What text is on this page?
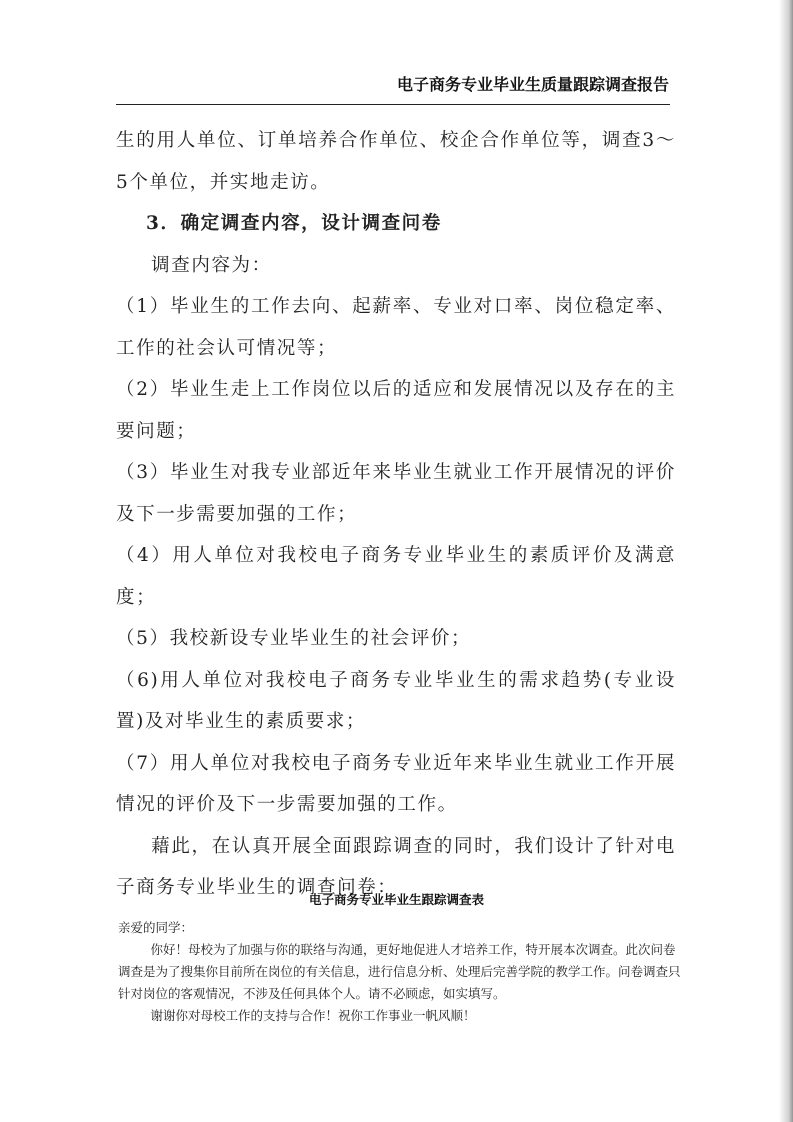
电子商务专业毕业生质量跟踪调查报告

生的用人单位、订单培养合作单位、校企合作单位等，调查3～5个单位，并实地走访。

3．确定调查内容，设计调查问卷

调查内容为：

（1）毕业生的工作去向、起薪率、专业对口率、岗位稳定率、工作的社会认可情况等；

（2）毕业生走上工作岗位以后的适应和发展情况以及存在的主要问题；

（3）毕业生对我专业部近年来毕业生就业工作开展情况的评价及下一步需要加强的工作；

（4）用人单位对我校电子商务专业毕业生的素质评价及满意度；

（5）我校新设专业毕业生的社会评价；

（6)用人单位对我校电子商务专业毕业生的需求趋势(专业设置)及对毕业生的素质要求；

（7）用人单位对我校电子商务专业近年来毕业生就业工作开展情况的评价及下一步需要加强的工作。

藉此，在认真开展全面跟踪调查的同时，我们设计了针对电子商务专业毕业生的调查问卷：

电子商务专业毕业生跟踪调查表

亲爱的同学：

你好！母校为了加强与你的联络与沟通，更好地促进人才培养工作，特开展本次调查。此次问卷调查是为了搜集你目前所在岗位的有关信息，进行信息分析、处理后完善学院的教学工作。问卷调查只针对岗位的客观情况，不涉及任何具体个人。请不必顾虑，如实填写。

谢谢你对母校工作的支持与合作！祝你工作事业一帆风顺！
